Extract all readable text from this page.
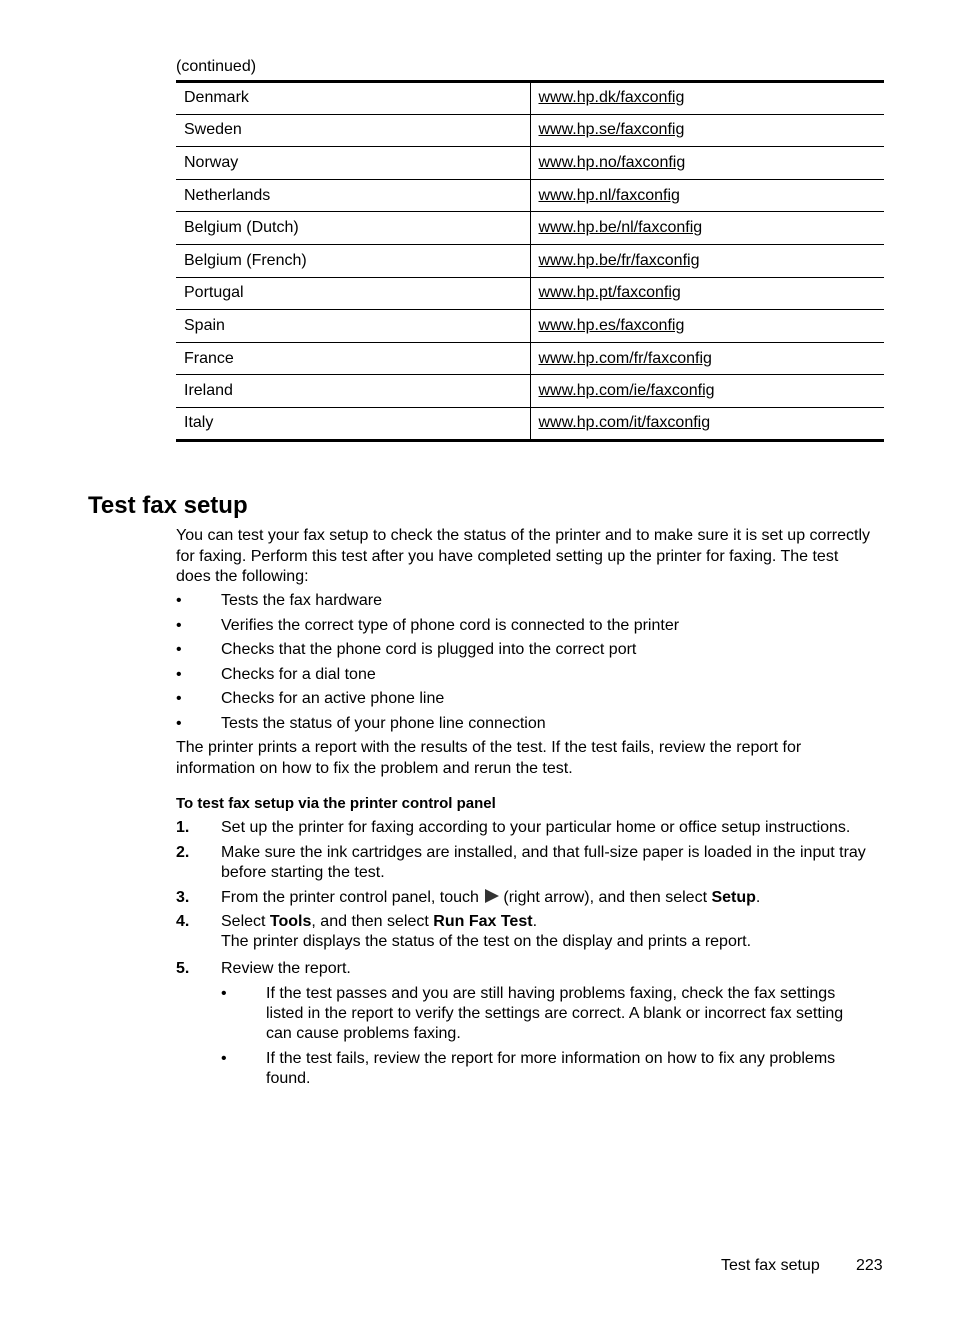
(continued)
Denmark	www.hp.dk/faxconfig
Sweden	www.hp.se/faxconfig
Norway	www.hp.no/faxconfig
Netherlands	www.hp.nl/faxconfig
Belgium (Dutch)	www.hp.be/nl/faxconfig
Belgium (French)	www.hp.be/fr/faxconfig
Portugal	www.hp.pt/faxconfig
Spain	www.hp.es/faxconfig
France	www.hp.com/fr/faxconfig
Ireland	www.hp.com/ie/faxconfig
Italy	www.hp.com/it/faxconfig
Test fax setup
You can test your fax setup to check the status of the printer and to make sure it is set up correctly for faxing. Perform this test after you have completed setting up the printer for faxing. The test does the following:
• Tests the fax hardware
• Verifies the correct type of phone cord is connected to the printer
• Checks that the phone cord is plugged into the correct port
• Checks for a dial tone
• Checks for an active phone line
• Tests the status of your phone line connection
The printer prints a report with the results of the test. If the test fails, review the report for information on how to fix the problem and rerun the test.
To test fax setup via the printer control panel
1. Set up the printer for faxing according to your particular home or office setup instructions.
2. Make sure the ink cartridges are installed, and that full-size paper is loaded in the input tray before starting the test.
3. From the printer control panel, touch (right arrow), and then select Setup.
4. Select Tools, and then select Run Fax Test.
The printer displays the status of the test on the display and prints a report.
5. Review the report.
• If the test passes and you are still having problems faxing, check the fax settings listed in the report to verify the settings are correct. A blank or incorrect fax setting can cause problems faxing.
• If the test fails, review the report for more information on how to fix any problems found.
Test fax setup 223
